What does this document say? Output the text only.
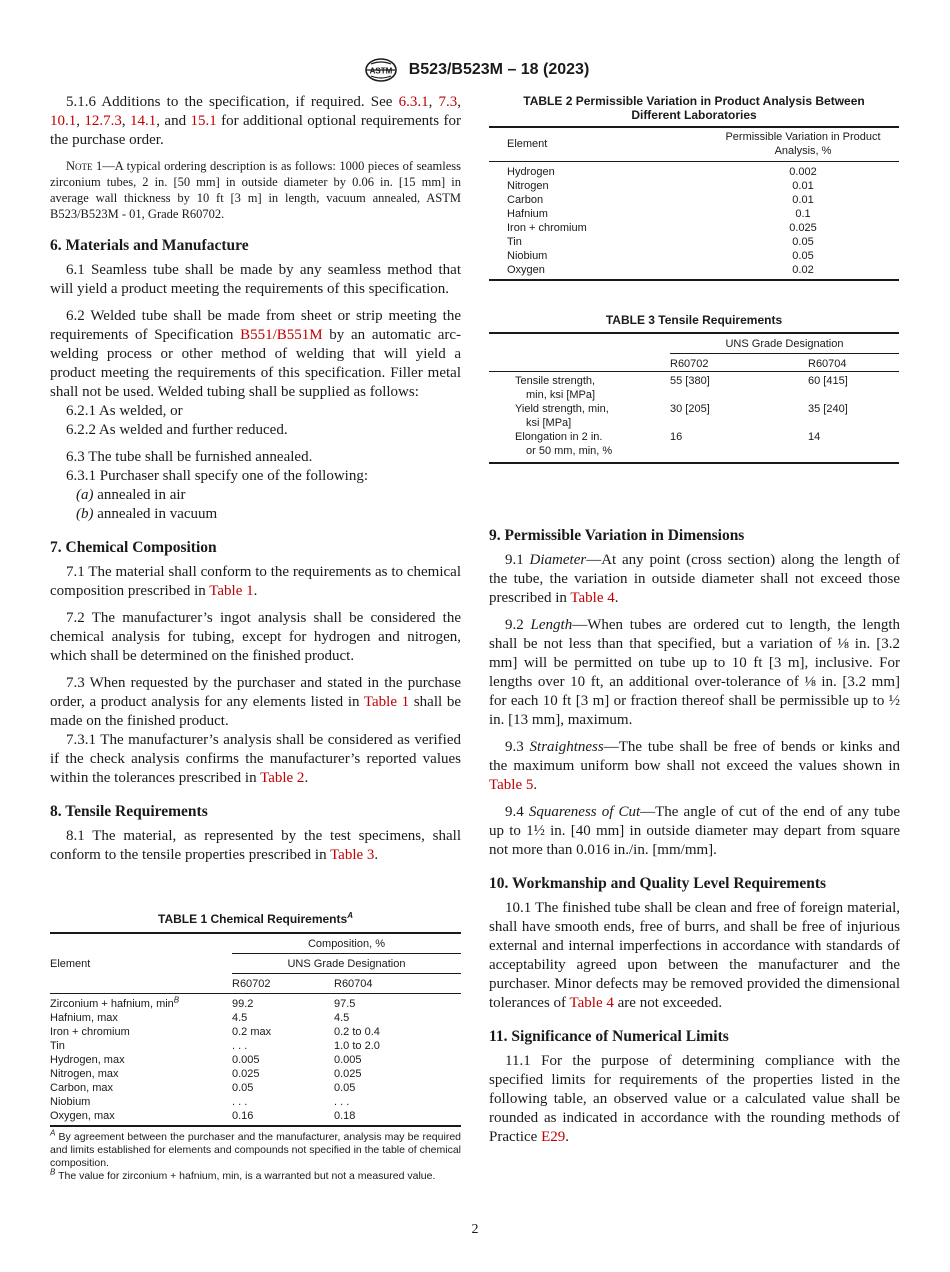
ASTM B523/B523M – 18 (2023)

5.1.6 Additions to the specification, if required. See 6.3.1, 7.3, 10.1, 12.7.3, 14.1, and 15.1 for additional optional requirements for the purchase order.

Note 1—A typical ordering description is as follows: 1000 pieces of seamless zirconium tubes, 2 in. [50 mm] in outside diameter by 0.06 in. [15 mm] in average wall thickness by 10 ft [3 m] in length, vacuum annealed, ASTM B523/B523M - 01, Grade R60702.

6. Materials and Manufacture

6.1 Seamless tube shall be made by any seamless method that will yield a product meeting the requirements of this specification.

6.2 Welded tube shall be made from sheet or strip meeting the requirements of Specification B551/B551M by an automatic arc-welding process or other method of welding that will yield a product meeting the requirements of this specification. Filler metal shall not be used. Welded tubing shall be supplied as follows:

6.2.1 As welded, or

6.2.2 As welded and further reduced.

6.3 The tube shall be furnished annealed.

6.3.1 Purchaser shall specify one of the following:

(a) annealed in air

(b) annealed in vacuum

7. Chemical Composition

7.1 The material shall conform to the requirements as to chemical composition prescribed in Table 1.

7.2 The manufacturer’s ingot analysis shall be considered the chemical analysis for tubing, except for hydrogen and nitrogen, which shall be determined on the finished product.

7.3 When requested by the purchaser and stated in the purchase order, a product analysis for any elements listed in Table 1 shall be made on the finished product.

7.3.1 The manufacturer’s analysis shall be considered as verified if the check analysis confirms the manufacturer’s reported values within the tolerances prescribed in Table 2.

8. Tensile Requirements

8.1 The material, as represented by the test specimens, shall conform to the tensile properties prescribed in Table 3.

TABLE 1 Chemical Requirements$^A$
Element	Composition, %	
	UNS Grade Designation	
	R60702	R60704
Zirconium + hafnium, $\min^B$	99.2	97.5
Hafnium, max	4.5	4.5
Iron + chromium	0.2 max	0.2 to 0.4
Tin	. . .	1.0 to 2.0
Hydrogen, max	0.005	0.005
Nitrogen, max	0.025	0.025
Carbon, max	0.05	0.05
Niobium	. . .	. . .
Oxygen, max	0.16	0.18

$^A$ By agreement between the purchaser and the manufacturer, analysis may be required and limits established for elements and compounds not specified in the table of chemical composition.

$^B$ The value for zirconium + hafnium, min, is a warranted but not a measured value.

TABLE 2 Permissible Variation in Product Analysis Between Different Laboratories
Element	Permissible Variation in Product Analysis, %
Hydrogen	0.002
Nitrogen	0.01
Carbon	0.01
Hafnium	0.1
Iron + chromium	0.025
Tin	0.05
Niobium	0.05
Oxygen	0.02
TABLE 3 Tensile Requirements
	UNS Grade Designation	
	R60702	R60704

Tensile strength,
min, ksi [MPa]	55 [380]	60 [415]

Yield strength, min,
ksi [MPa]	30 [205]	35 [240]

Elongation in 2 in.
or 50 mm, min, %	16	14
9. Permissible Variation in Dimensions

9.1 Diameter—At any point (cross section) along the length of the tube, the variation in outside diameter shall not exceed those prescribed in Table 4.

9.2 Length—When tubes are ordered cut to length, the length shall be not less than that specified, but a variation of ⅛ in. [3.2 mm] will be permitted on tube up to 10 ft [3 m], inclusive. For lengths over 10 ft, an additional over-tolerance of ⅛ in. [3.2 mm] for each 10 ft [3 m] or fraction thereof shall be permissible up to ½ in. [13 mm], maximum.

9.3 Straightness—The tube shall be free of bends or kinks and the maximum uniform bow shall not exceed the values shown in Table 5.

9.4 Squareness of Cut—The angle of cut of the end of any tube up to 1½ in. [40 mm] in outside diameter may depart from square not more than 0.016 in./in. [mm/mm].

10. Workmanship and Quality Level Requirements

10.1 The finished tube shall be clean and free of foreign material, shall have smooth ends, free of burrs, and shall be free of injurious external and internal imperfections in accordance with standards of acceptability agreed upon between the manufacturer and the purchaser. Minor defects may be removed provided the dimensional tolerances of Table 4 are not exceeded.

11. Significance of Numerical Limits

11.1 For the purpose of determining compliance with the specified limits for requirements of the properties listed in the following table, an observed value or a calculated value shall be rounded as indicated in accordance with the rounding methods of Practice E29.

2
